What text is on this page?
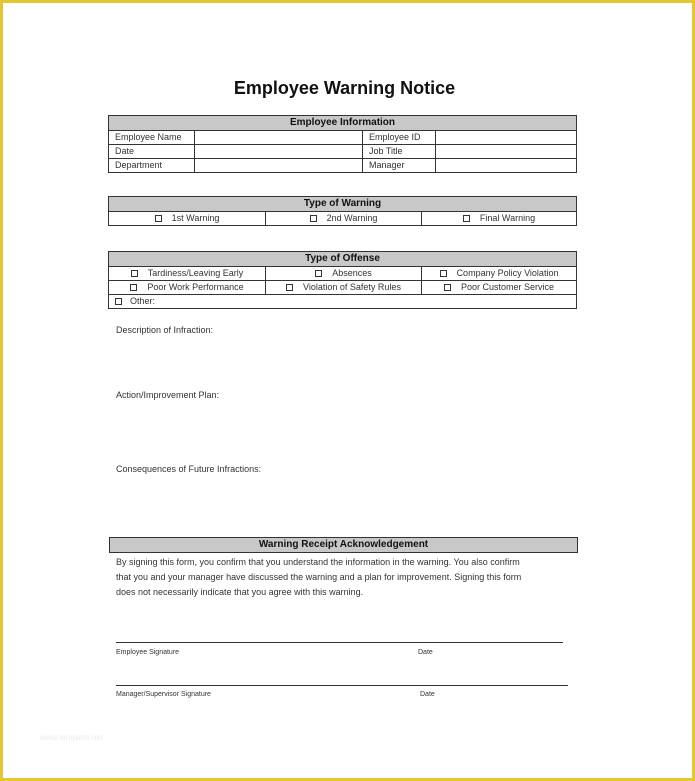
Employee Warning Notice
Employee Information			
Employee Name		Employee ID	
Date		Job Title	
Department		Manager	
Type of Warning
1st Warning	2nd Warning	Final Warning
Type of Offense		
Tardiness/Leaving Early	Absences	Company Policy Violation
Poor Work Performance	Violation of Safety Rules	Poor Customer Service
Other:		
Description of Infraction:
Action/Improvement Plan:
Consequences of Future Infractions:
Warning Receipt Acknowledgement
By signing this form, you confirm that you understand the information in the warning. You also confirm
that you and your manager have discussed the warning and a plan for improvement. Signing this form
does not necessarily indicate that you agree with this warning.
Employee Signature	Date
Manager/Supervisor Signature	Date
www.template.net
